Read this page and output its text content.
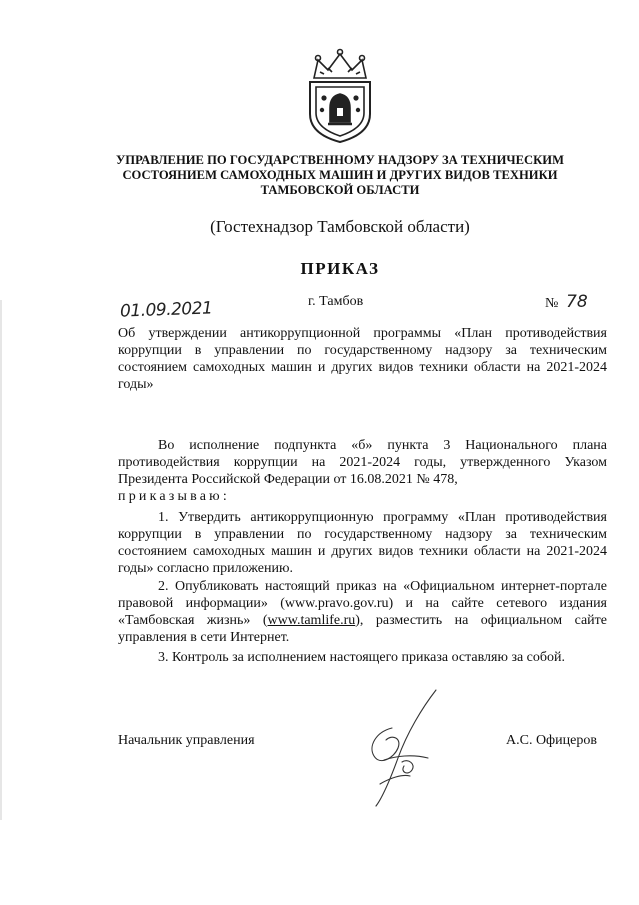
УПРАВЛЕНИЕ ПО ГОСУДАРСТВЕННОМУ НАДЗОРУ ЗА ТЕХНИЧЕСКИМ
СОСТОЯНИЕМ САМОХОДНЫХ МАШИН И ДРУГИХ ВИДОВ ТЕХНИКИ
ТАМБОВСКОЙ ОБЛАСТИ
(Гостехнадзор Тамбовской области)
ПРИКАЗ
01.09.2021	г. Тамбов	№ 78
Об утверждении антикоррупционной программы «План противодействия коррупции в управлении по государственному надзору за техническим состоянием самоходных машин и других видов техники области на 2021-2024 годы»
Во исполнение подпункта «б» пункта 3 Национального плана противодействия коррупции на 2021-2024 годы, утвержденного Указом Президента Российской Федерации от 16.08.2021 № 478,
приказываю:
1. Утвердить антикоррупционную программу «План противодействия коррупции в управлении по государственному надзору за техническим состоянием самоходных машин и других видов техники области на 2021-2024 годы» согласно приложению.
2. Опубликовать настоящий приказ на «Официальном интернет-портале правовой информации» (www.pravo.gov.ru) и на сайте сетевого издания «Тамбовская жизнь» (www.tamlife.ru), разместить на официальном сайте управления в сети Интернет.
3. Контроль за исполнением настоящего приказа оставляю за собой.
Начальник управления	А.С. Офицеров
